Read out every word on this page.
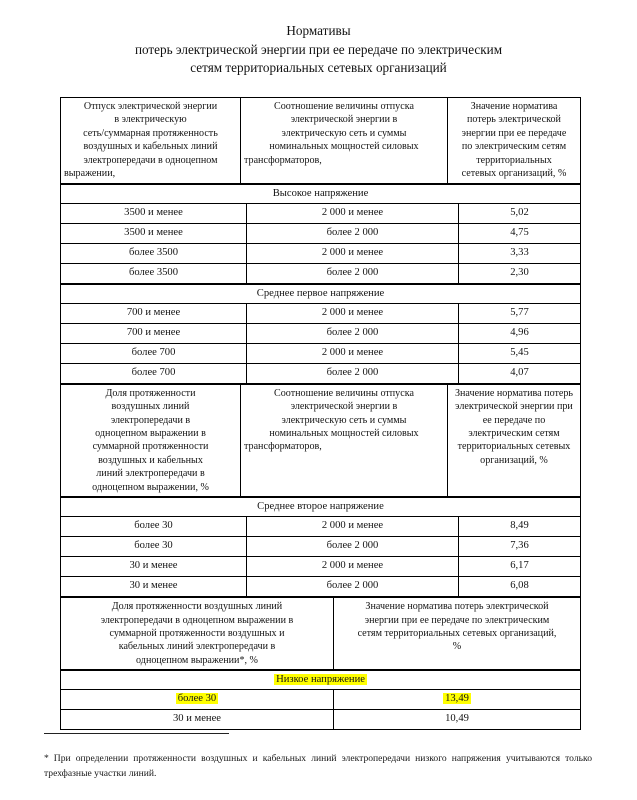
Нормативы
потерь электрической энергии при ее передаче по электрическим
сетям территориальных сетевых организаций
Отпуск электрической энергии
в электрическую
сеть/суммарная протяженность
воздушных и кабельных линий
электропередачи в одноцепном
выражении,
	Соотношение величины отпуска
электрической энергии в
электрическую сеть и суммы
номинальных мощностей силовых
трансформаторов,
	Значение норматива
потерь электрической
энергии при ее передаче
по электрическим сетям
территориальных
сетевых организаций, %
Высокое напряжение		
3500 и менее	2 000 и менее	5,02
3500 и менее	более 2 000	4,75
более 3500	2 000 и менее	3,33
более 3500	более 2 000	2,30
Среднее первое напряжение		
700 и менее	2 000 и менее	5,77
700 и менее	более 2 000	4,96
более 700	2 000 и менее	5,45
более 700	более 2 000	4,07
Доля протяженности
воздушных линий
электропередачи в
одноцепном выражении в
суммарной протяженности
воздушных и кабельных
линий электропередачи в
одноцепном выражении, %	Соотношение величины отпуска
электрической энергии в
электрическую сеть и суммы
номинальных мощностей силовых
трансформаторов,
	Значение норматива потерь
электрической энергии при
ее передаче по
электрическим сетям
территориальных сетевых
организаций, %
Среднее второе напряжение		
более 30	2 000 и менее	8,49
более 30	более 2 000	7,36
30 и менее	2 000 и менее	6,17
30 и менее	более 2 000	6,08
Доля протяженности воздушных линий
электропередачи в одноцепном выражении в
суммарной протяженности воздушных и
кабельных линий электропередачи в
одноцепном выражении*, %	Значение норматива потерь электрической
энергии при ее передаче по электрическим
сетям территориальных сетевых организаций,

%
Низкое напряжение	
более 30	13,49
30 и менее	10,49
* При определении протяженности воздушных и кабельных линий электропередачи низкого напряжения учитываются только трехфазные участки линий.
